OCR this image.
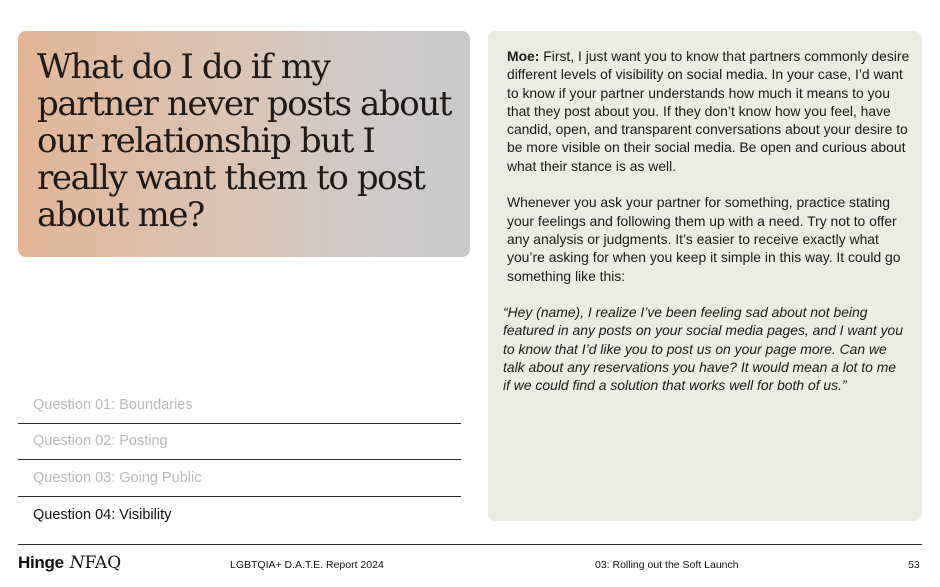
What do I do if my partner never posts about our relationship but I really want them to post about me?
Question 01: Boundaries
Question 02: Posting
Question 03: Going Public
Question 04: Visibility

Moe: First, I just want you to know that partners commonly desire different levels of visibility on social media. In your case, I’d want to know if your partner understands how much it means to you that they post about you. If they don’t know how you feel, have candid, open, and transparent conversations about your desire to be more visible on their social media. Be open and curious about what their stance is as well.

Whenever you ask your partner for something, practice stating your feelings and following them up with a need. Try not to offer any analysis or judgments. It’s easier to receive exactly what you’re asking for when you keep it simple in this way. It could go something like this:

“Hey (name), I realize I’ve been feeling sad about not being featured in any posts on your social media pages, and I want you to know that I’d like you to post us on your page more. Can we talk about any reservations you have? It would mean a lot to me if we could find a solution that works well for both of us.”

Hinge NFAQ	LGBTQIA+ D.A.T.E. Report 2024	03: Rolling out the Soft Launch	53
